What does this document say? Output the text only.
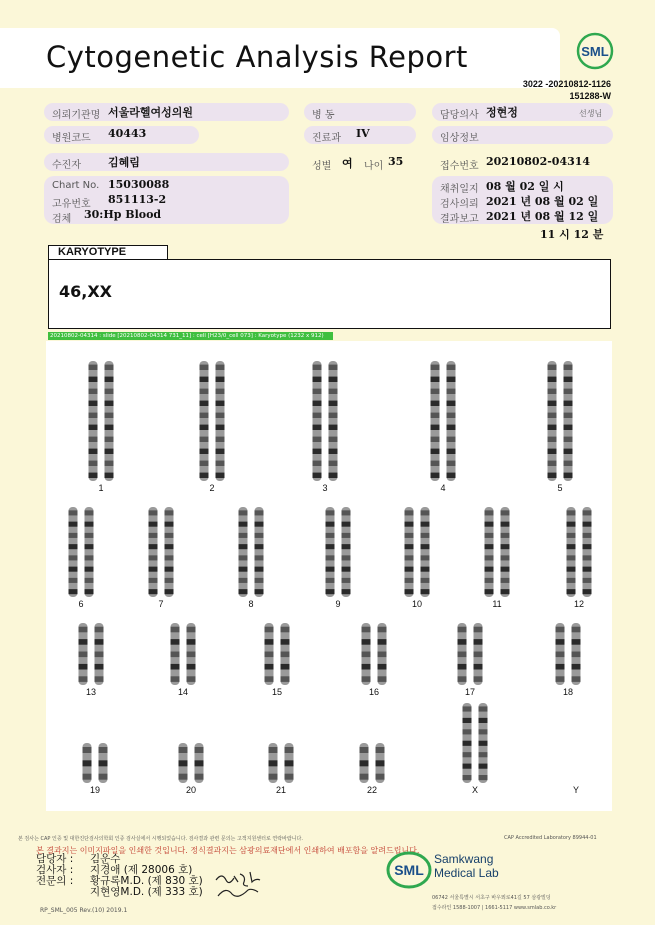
Cytogenetic Analysis Report	SML
3022 -20210812-1126
151288-W
의뢰기관명 서울라헬여성의원
병원코드 40443
수진자 김혜림
Chart No. 15030088
고유번호 851113-2
검체 30:Hp Blood
병 동
진료과 IV
성별 여 나이 35
담당의사 정현정	선생님
임상정보
접수번호 20210802-04314
채취일지 08 월 02 일 시
검사의뢰 2021 년 08 월 02 일
결과보고 2021 년 08 월 12 일
11 시 12 분
KARYOTYPE
46,XX
20210802-04314 : slide [20210802-04314 731_11] : cell [H23/0_cell 073] : Karyotype (1232 x 912)
1	2	3	4	5
6	7	8	9	10	11	12
13	14	15	16	17	18
19	20	21	22	X	Y
본 검사는 CAP 인증 및 대한진단검사의학회 인증 검사실에서 시행되었습니다. 검사결과 관련 문의는 고객지원센터로 연락바랍니다.	CAP Accredited Laboratory 89944-01
본 결과지는 이미지파일을 인쇄한 것입니다. 정식결과지는 삼광의료재단에서 인쇄하여 배포함을 알려드립니다.
담당자 :	김운수
검사자 :	지경애 (제 28006 호)
전문의 :	황규록M.D. (제 830 호)
지현영M.D. (제 333 호)
RP_SML_005 Rev.(10) 2019.1
SML
Samkwang
Medical Lab
06742 서울특별시 서초구 바우뫼로41길 57 삼광빌딩
접수라인 1588-1007 | 1661-5117 www.smlab.co.kr
